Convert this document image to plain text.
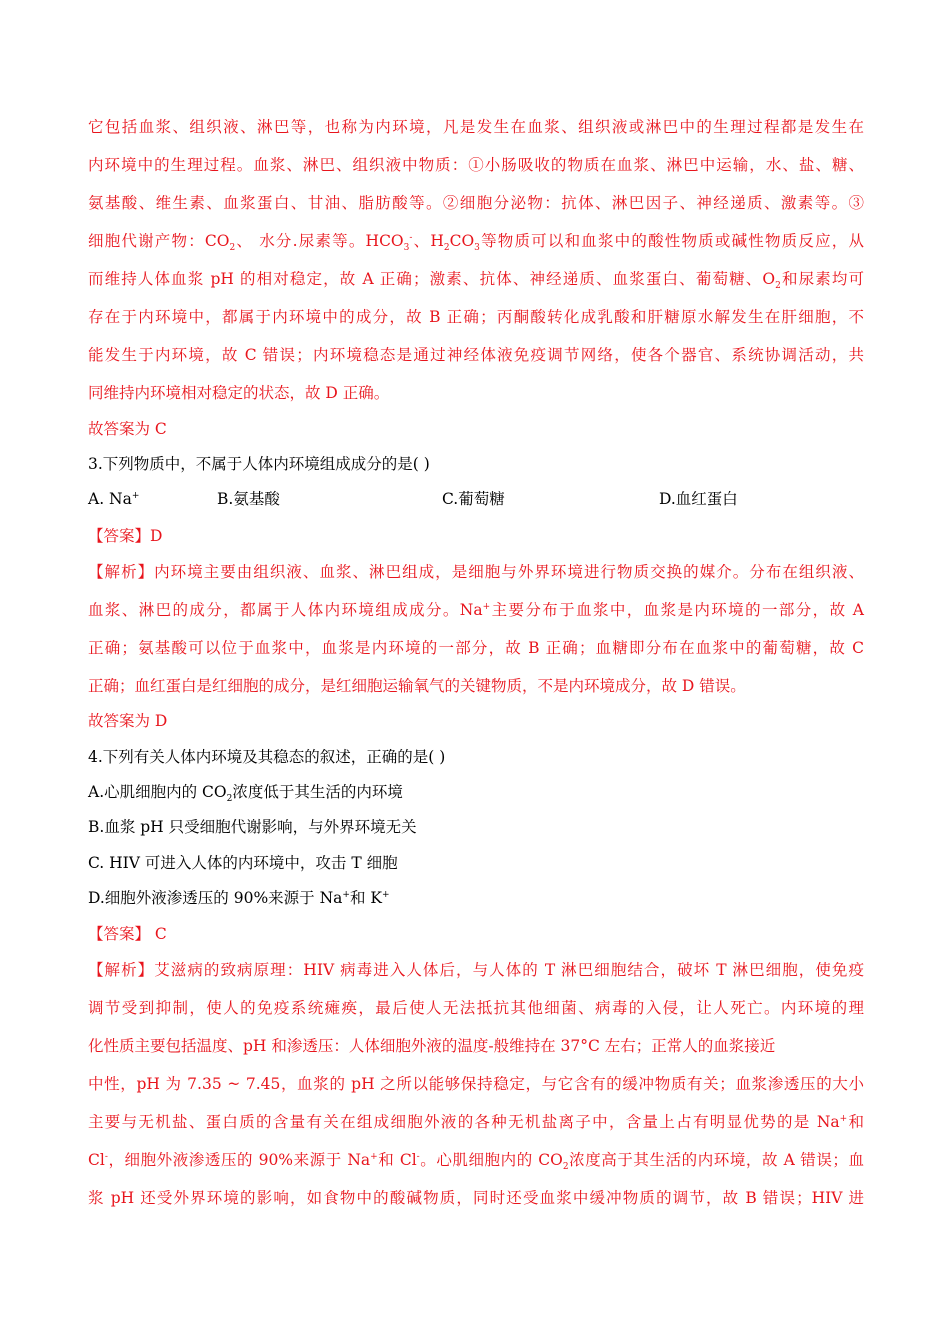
它包括血浆、组织液、淋巴等，也称为内环境，凡是发生在血浆、组织液或淋巴中的生理过程都是发生在
内环境中的生理过程。血浆、淋巴、组织液中物质：①小肠吸收的物质在血浆、淋巴中运输，水、盐、糖、
氨基酸、维生素、血浆蛋白、甘油、脂肪酸等。②细胞分泌物：抗体、淋巴因子、神经递质、激素等。③
细胞代谢产物：$CO_2$、 水分.尿素等。$HCO_3^-$、$H_2CO_3$等物质可以和血浆中的酸性物质或碱性物质反应，从
而维持人体血浆 pH 的相对稳定，故 A 正确；激素、抗体、神经递质、血浆蛋白、葡萄糖、$O_2$和尿素均可
存在于内环境中，都属于内环境中的成分，故 B 正确；丙酮酸转化成乳酸和肝糖原水解发生在肝细胞，不
能发生于内环境，故 C 错误；内环境稳态是通过神经体液免疫调节网络，使各个器官、系统协调活动，共
同维持内环境相对稳定的状态，故 D 正确。
故答案为 C
3.下列物质中，不属于人体内环境组成成分的是( )
A. Na+	B.氨基酸	C.葡萄糖	D.血红蛋白
【答案】D
【解析】内环境主要由组织液、血浆、淋巴组成，是细胞与外界环境进行物质交换的媒介。分布在组织液、
血浆、淋巴的成分，都属于人体内环境组成成分。Na+主要分布于血浆中，血浆是内环境的一部分，故 A
正确；氨基酸可以位于血浆中，血浆是内环境的一部分，故 B 正确；血糖即分布在血浆中的葡萄糖，故 C
正确；血红蛋白是红细胞的成分，是红细胞运输氧气的关键物质，不是内环境成分，故 D 错误。
故答案为 D
4.下列有关人体内环境及其稳态的叙述，正确的是( )
A.心肌细胞内的 $CO_2$浓度低于其生活的内环境
B.血浆 pH 只受细胞代谢影响，与外界环境无关
C. HIV 可进入人体的内环境中，攻击 T 细胞
D.细胞外液渗透压的 90%来源于 Na+和 K+
【答案】 C
【解析】艾滋病的致病原理：HIV 病毒进入人体后，与人体的 T 淋巴细胞结合，破坏 T 淋巴细胞，使免疫
调节受到抑制，使人的免疫系统瘫痪，最后使人无法抵抗其他细菌、病毒的入侵，让人死亡。内环境的理
化性质主要包括温度、pH 和渗透压：人体细胞外液的温度-般维持在 37°C 左右；正常人的血浆接近
中性，pH 为 7.35 ~ 7.45，血浆的 pH 之所以能够保持稳定，与它含有的缓冲物质有关；血浆渗透压的大小
主要与无机盐、蛋白质的含量有关在组成细胞外液的各种无机盐离子中，含量上占有明显优势的是 Na+和
Cl-，细胞外液渗透压的 90%来源于 Na+和 Cl-。心肌细胞内的 $CO_2$浓度高于其生活的内环境，故 A 错误；血
浆 pH 还受外界环境的影响，如食物中的酸碱物质，同时还受血浆中缓冲物质的调节，故 B 错误；HIV 进
